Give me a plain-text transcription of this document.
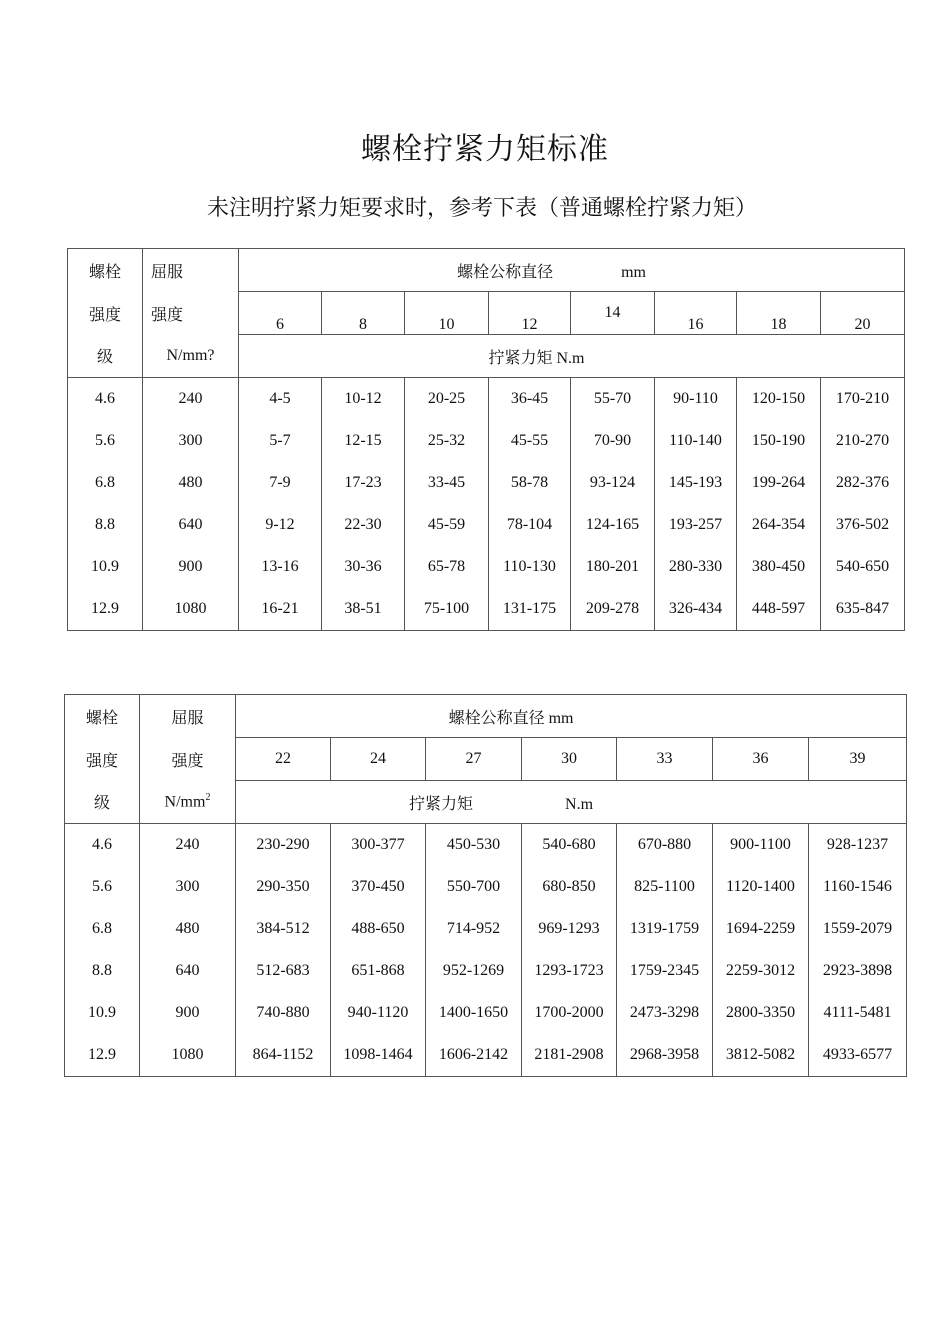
螺栓拧紧力矩标准
未注明拧紧力矩要求时，参考下表（普通螺栓拧紧力矩）
螺栓	屈服	螺栓公称直径 mm							
强度	强度	6	8	10	12	14	16	18	20
级	N/mm?	拧紧力矩 N.m							
4.6	240	4-5	10-12	20-25	36-45	55-70	90-110	120-150	170-210
5.6	300	5-7	12-15	25-32	45-55	70-90	110-140	150-190	210-270
6.8	480	7-9	17-23	33-45	58-78	93-124	145-193	199-264	282-376
8.8	640	9-12	22-30	45-59	78-104	124-165	193-257	264-354	376-502
10.9	900	13-16	30-36	65-78	110-130	180-201	280-330	380-450	540-650
12.9	1080	16-21	38-51	75-100	131-175	209-278	326-434	448-597	635-847
螺栓	屈服	螺栓公称直径 mm						
强度	强度	22	24	27	30	33	36	39
级	$N/mm^2$	拧紧力矩 N.m						
4.6	240	230-290	300-377	450-530	540-680	670-880	900-1100	928-1237
5.6	300	290-350	370-450	550-700	680-850	825-1100	1120-1400	1160-1546
6.8	480	384-512	488-650	714-952	969-1293	1319-1759	1694-2259	1559-2079
8.8	640	512-683	651-868	952-1269	1293-1723	1759-2345	2259-3012	2923-3898
10.9	900	740-880	940-1120	1400-1650	1700-2000	2473-3298	2800-3350	4111-5481
12.9	1080	864-1152	1098-1464	1606-2142	2181-2908	2968-3958	3812-5082	4933-6577
